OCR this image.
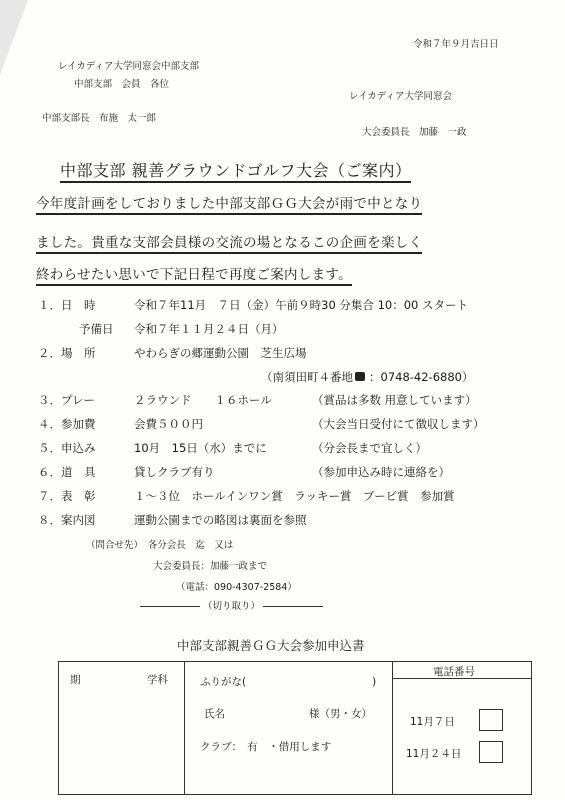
令和７年９月吉日日
レイカディア大学同窓会中部支部
中部支部　会員　各位
レイカディア大学同窓会
中部支部長　布施　太一郎
大会委員長　加藤　一政
中部支部 親善グラウンドゴルフ大会（ご案内）
今年度計画をしておりました中部支部ＧＧ大会が雨で中となり
ました。貴重な支部会員様の交流の場となるこの企画を楽しく
終わらせたい思いで下記日程で再度ご案内します。
１．日　時	令和７年11月　７日（金）午前９時30 分集合 10：00 スタート
予備日 令和７年１１月２４日（月）
２．場　所	やわらぎの郷運動公園　芝生広場
（南須田町４番地 ：0748-42-6880）
３．プレー	２ラウンド　　１６ホール	（賞品は多数 用意しています）
４．参加費	会費５００円	（大会当日受付にて徴収します）
５．申込み	10月　15日（水）までに	（分会長まで宜しく）
６．道　具	貸しクラブ有り	（参加申込み時に連絡を）
７．表　彰	１～３位　ホールインワン賞　ラッキー賞　ブービ賞　参加賞
８．案内図	運動公園までの略図は裏面を参照
（問合せ先）　各分会長　迄　又は
大会委員長：加藤一政まで
（電話：090-4307-2584）
（切り取り）
中部支部親善ＧＧ大会参加申込書
期	学科	ふりがな(　　　　　　　　　　　　)
氏名	様（男・女）
クラブ：　有　・借用します
電話番号
11月７日
11月２４日
